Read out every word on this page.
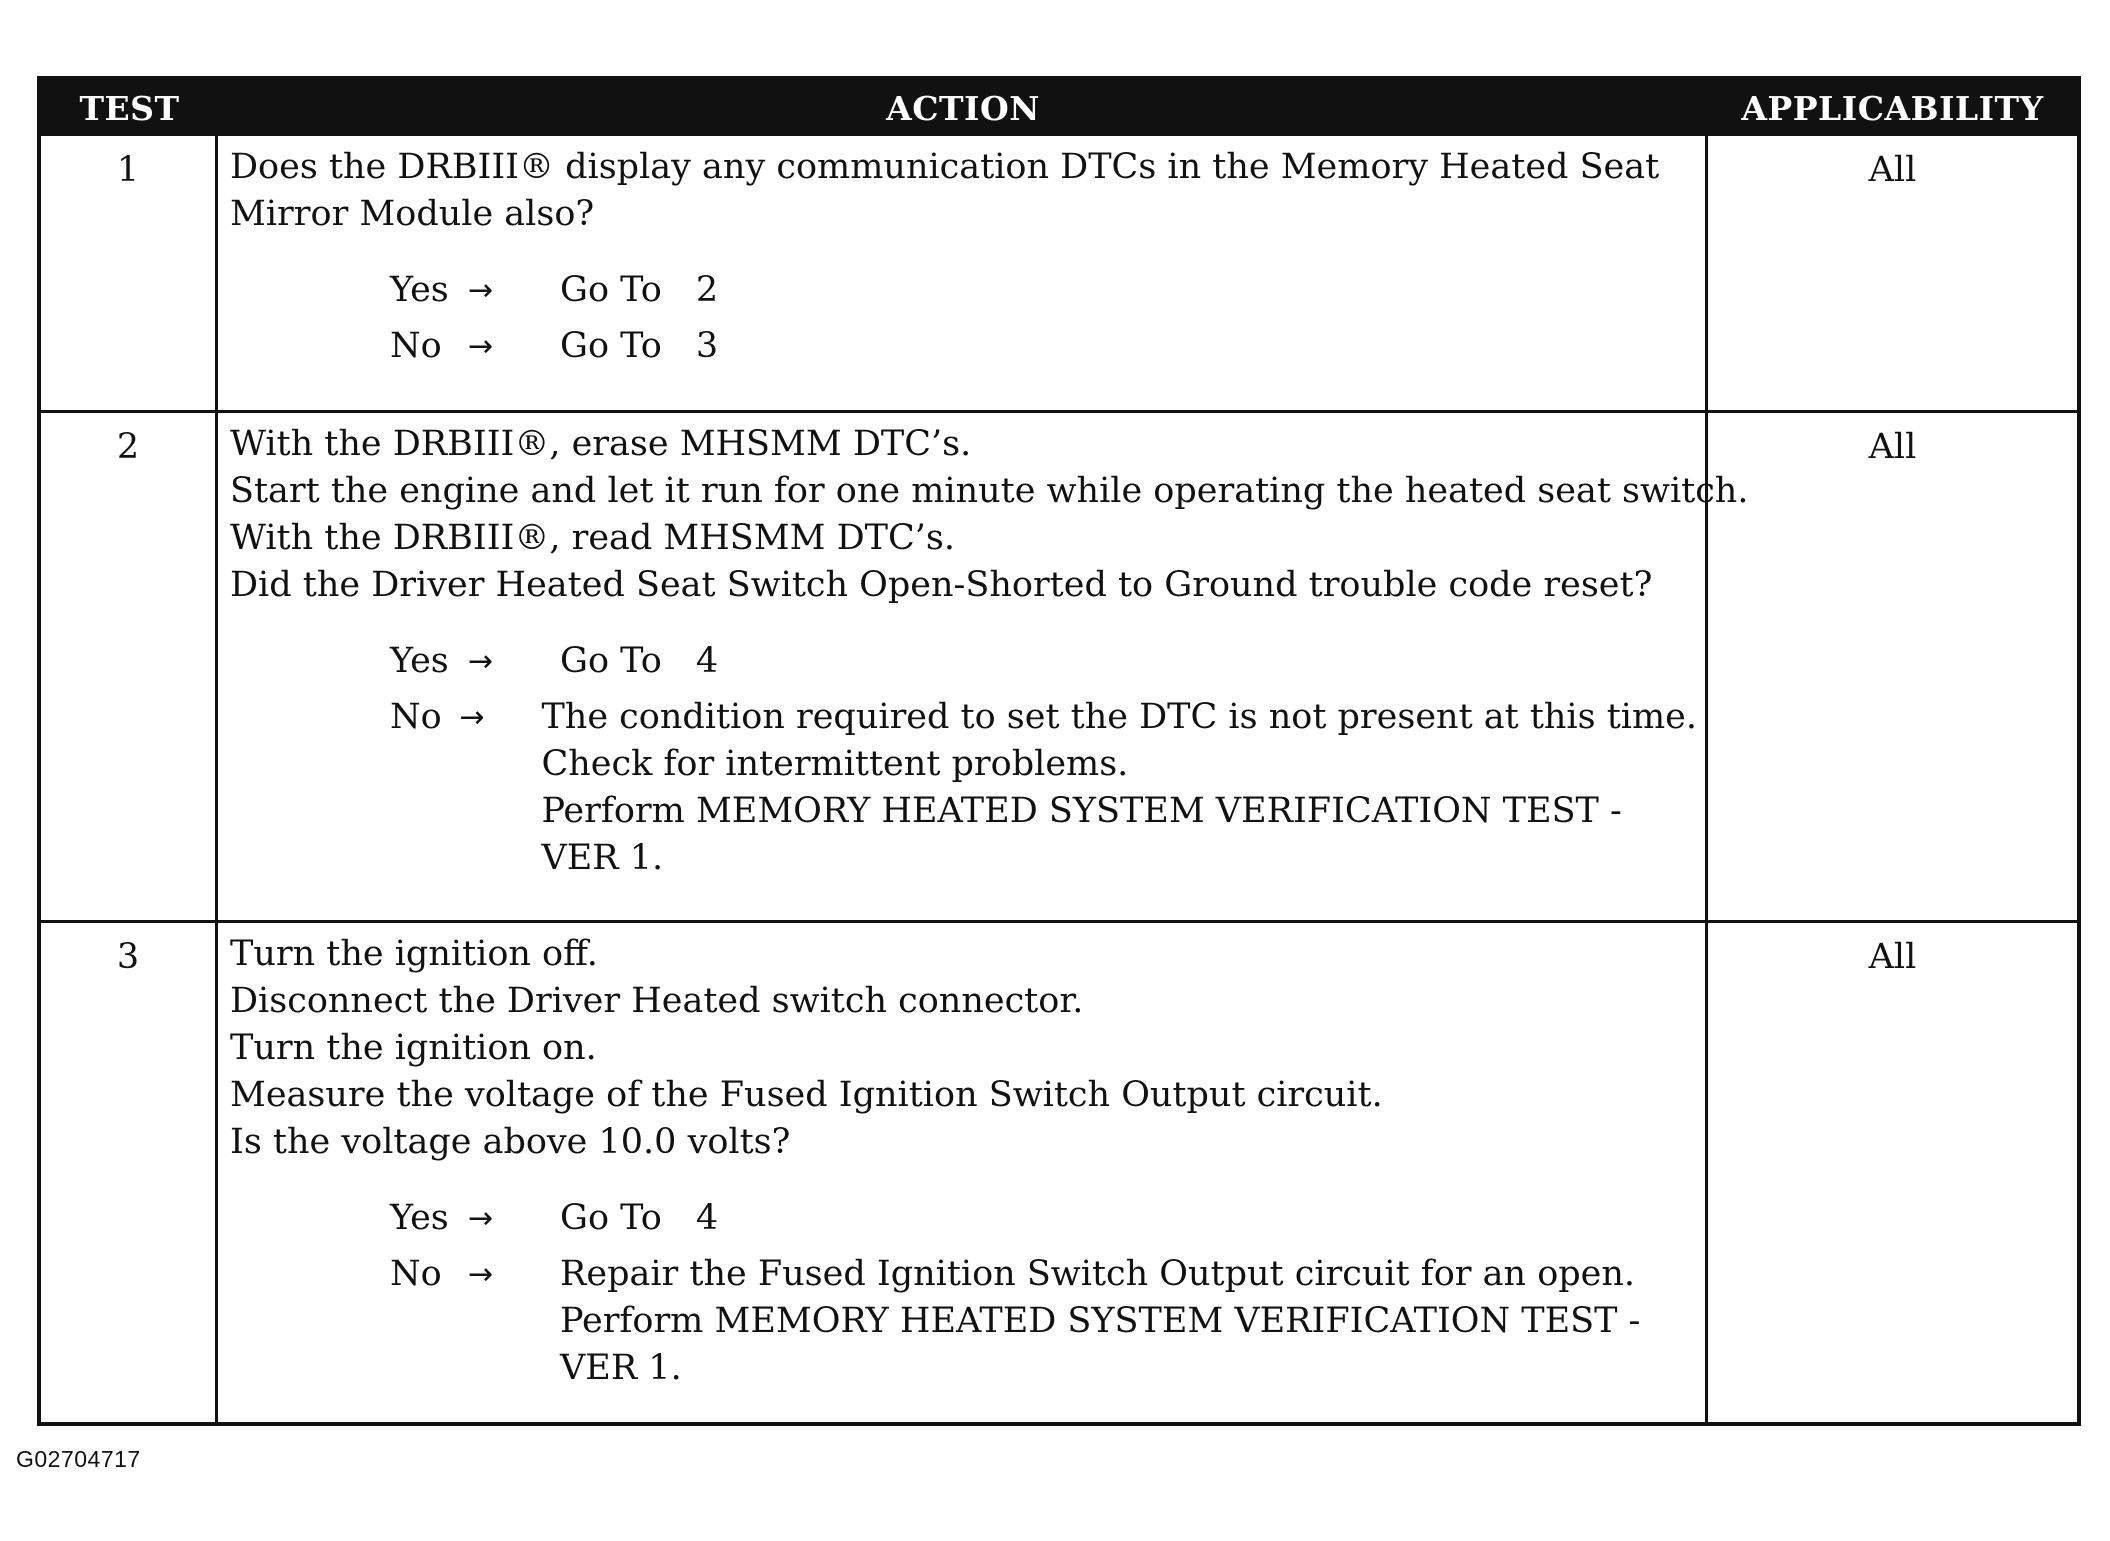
TEST	ACTION	APPLICABILITY
1	Does the DRBIII® display any communication DTCs in the Memory Heated Seat
Mirror Module also?
Yes →	Go To 2
No →	Go To 3
All
2	With the DRBIII®, erase MHSMM DTC’s.
Start the engine and let it run for one minute while operating the heated seat switch.
With the DRBIII®, read MHSMM DTC’s.
Did the Driver Heated Seat Switch Open-Shorted to Ground trouble code reset?
Yes →	Go To 4
No →	The condition required to set the DTC is not present at this time.
Check for intermittent problems.
Perform MEMORY HEATED SYSTEM VERIFICATION TEST -
VER 1.
All
3	Turn the ignition off.
Disconnect the Driver Heated switch connector.
Turn the ignition on.
Measure the voltage of the Fused Ignition Switch Output circuit.
Is the voltage above 10.0 volts?
Yes →	Go To 4
No →	Repair the Fused Ignition Switch Output circuit for an open.
Perform MEMORY HEATED SYSTEM VERIFICATION TEST -
VER 1.
All
G02704717
